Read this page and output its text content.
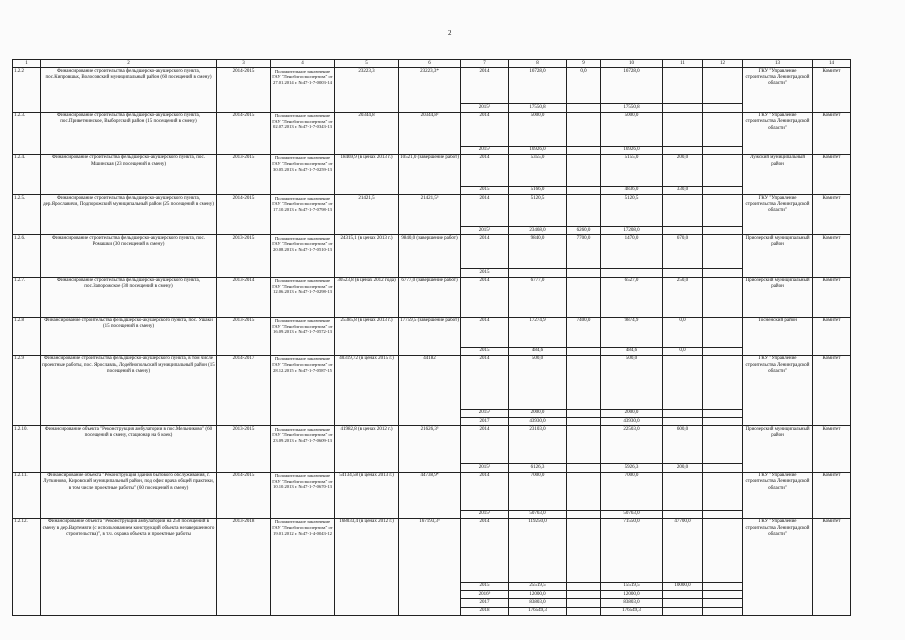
2
1	2	3	4	5	6	7	8	9	10	11	12	13	14
1.2.2	Финансирование строительства фельдшерско-акушерского пункта, пос.Кипровшьк, Волосовский муниципальный район (60 посещений в смену)	2014-2015	Положительное заключение ГАУ "Леноблгосэкспертиза" от 27.01.2014 г. №47-1-7-0003-14	23223,3	23223,3*	2014	16728,0	0,0	16728,0			ГКУ "Управление строительства Ленинградской области"	Комитет
						2015¹	17550,8		17550,8				
1.2.3.	Финансирование строительства фельдшерско-акушерского пункта, пос.Приветнинское, Выборгский район (15 посещений в смену)	2014-2015	Положительное заключение ГАУ "Леноблгосэкспертиза" от 02.07.2013 г. №47-1-7-0343-13	20344,8	20344,8²	2014	5000,0		5000,0			ГКУ "Управление строительства Ленинградской области"	Комитет
						2015¹	16926,0		16926,0				
1.2.4.	Финансирование строительства фельдшерско-акушерского пункта, пос. Мшинская (23 посещений в смену)	2013-2015	Положительное заключение ГАУ "Леноблгосэкспертиза" от 30.05.2013 г. №47-1-7-0259-13	18469,9 (в ценах 2013 г.)	10521,0 (завершение работ)	2014	5355,0		5155,0	200,0		Лужский муниципальный район	Комитет
						2015	5166,0		4836,0	330,0			
1.2.5.	Финансирование строительства фельдшерско-акушерского пункта, дер.Ярославичи, Подпорожский муниципальный район (25 посещений в смену)	2014-2015	Положительное заключение ГАУ "Леноблгосэкспертиза" от 17.10.2013 г. №47-1-7-0798-13	21421,5	21421,5³	2014	5120,5		5120,5			ГКУ "Управление строительства Ленинградской области"	Комитет
						2015¹	23468,0	6260,0	17208,0				
1.2.6.	Финансирование строительства фельдшерско-акушерского пункта, пос. Ромашки (30 посещений в смену)	2013-2015	Положительное заключение ГАУ "Леноблгосэкспертиза" от 20.08.2013 г. №47-1-7-0510-13	24315,1 (в ценах 2013 г.)	9840,0 (завершение работ)	2014	9840,0	7700,0	1470,0	670,0		Приозерский муниципальный район	Комитет
						2015							
1.2.7.	Финансирование строительства фельдшерско-акушерского пункта, пос.Запорожское (30 посещений в смену)	2013-2014	Положительное заключение ГАУ "Леноблгосэкспертиза" от 12.06.2013 г. №47-1-7-0298-13	30523,8 (в ценах 2012 года)	6777,0 (завершение работ)	2014	6777,0		6527,0	250,0		Приозерский муниципальный район	Комитет
1.2.8	Финансирование строительства фельдшерско-акушерского пункта, пос. Ушаки (15 посещений в смену)	2013-2015	Положительное заключение ГАУ "Леноблгосэкспертиза" от 16.09.2013 г. №47-1-7-0572-13	25385,8 (в ценах 2013 г.)	17759,5 (завершение работ)	2014	17274,9	7400,0	9874,9	0,0		Тосненский район	Комитет
						2015	484,6		484,6	0,0			
1.2.9	Финансирование строительства фельдшерско-акушерского пункта, в том числе проектные работы, пос. Ярославль, Лодейнопольский муниципальный район (15 посещений в смену)	2014-2017	Положительное заключение ГАУ "Леноблгосэкспертиза" от 28.12.2015 г. №47-1-7-0587-15	40319,72 (в ценах 2015 г.)	44182	2014	500,0		500,0			ГКУ "Управление строительства Ленинградской области"	Комитет
						2015¹	2000,0		2000,0				
						2017	43930,0		43930,0				
1.2.10.	Финансирование объекта "Реконструкция амбулатории в пос.Мельниково" (60 посещений в смену, стационар на 6 коек)	2013-2015	Положительное заключение ГАУ "Леноблгосэкспертиза" от 23.09.2013 г. №47-1-7-0609-13	41982,8 (в ценах 2012 г.)	21626,3³	2014	23103,0		22503,0	600,0		Приозерский муниципальный район	Комитет
						2015¹	6126,3		5926,3	200,0			
1.2.11.	Финансирование объекта "Реконструкция здания бытового обслуживания, г. Луткиново, Кировский муниципальный район, под офис врача общей практики, в том числе проектные работы" (60 посещений в смену)	2014-2015	Положительное заключение ГАУ "Леноблгосэкспертиза" от 10.10.2013 г. №47-1-7-0670-13	54134,58 (в ценах 2013 г.)	44738,9⁴	2014	7000,0		7000,0			ГКУ "Управление строительства Ленинградской области"	Комитет
						2015¹	50763,0		50763,0				
1.2.12.	Финансирование объекта "Реконструкция амбулатории на 250 посещений в смену в дер.Вартемяги (с использованием конструкций объекта незавершенного строительства)", в т.ч. охрана объекта и проектные работы	2013-2018	Положительное заключение ГАУ "Леноблгосэкспертиза" от 19.01.2012 г. №47-1-4-0043-12	168033,4 (в ценах 2012 г.)	167193,3⁵	2014	119250,0		71550,0	47700,0		ГКУ "Управление строительства Ленинградской области"	Комитет
						2015	25519,5		15519,5	10000,0			
						2016⁶	12000,0		12000,0				
						2017	83803,0		83803,0				
						2018	176549,3		176549,3				
